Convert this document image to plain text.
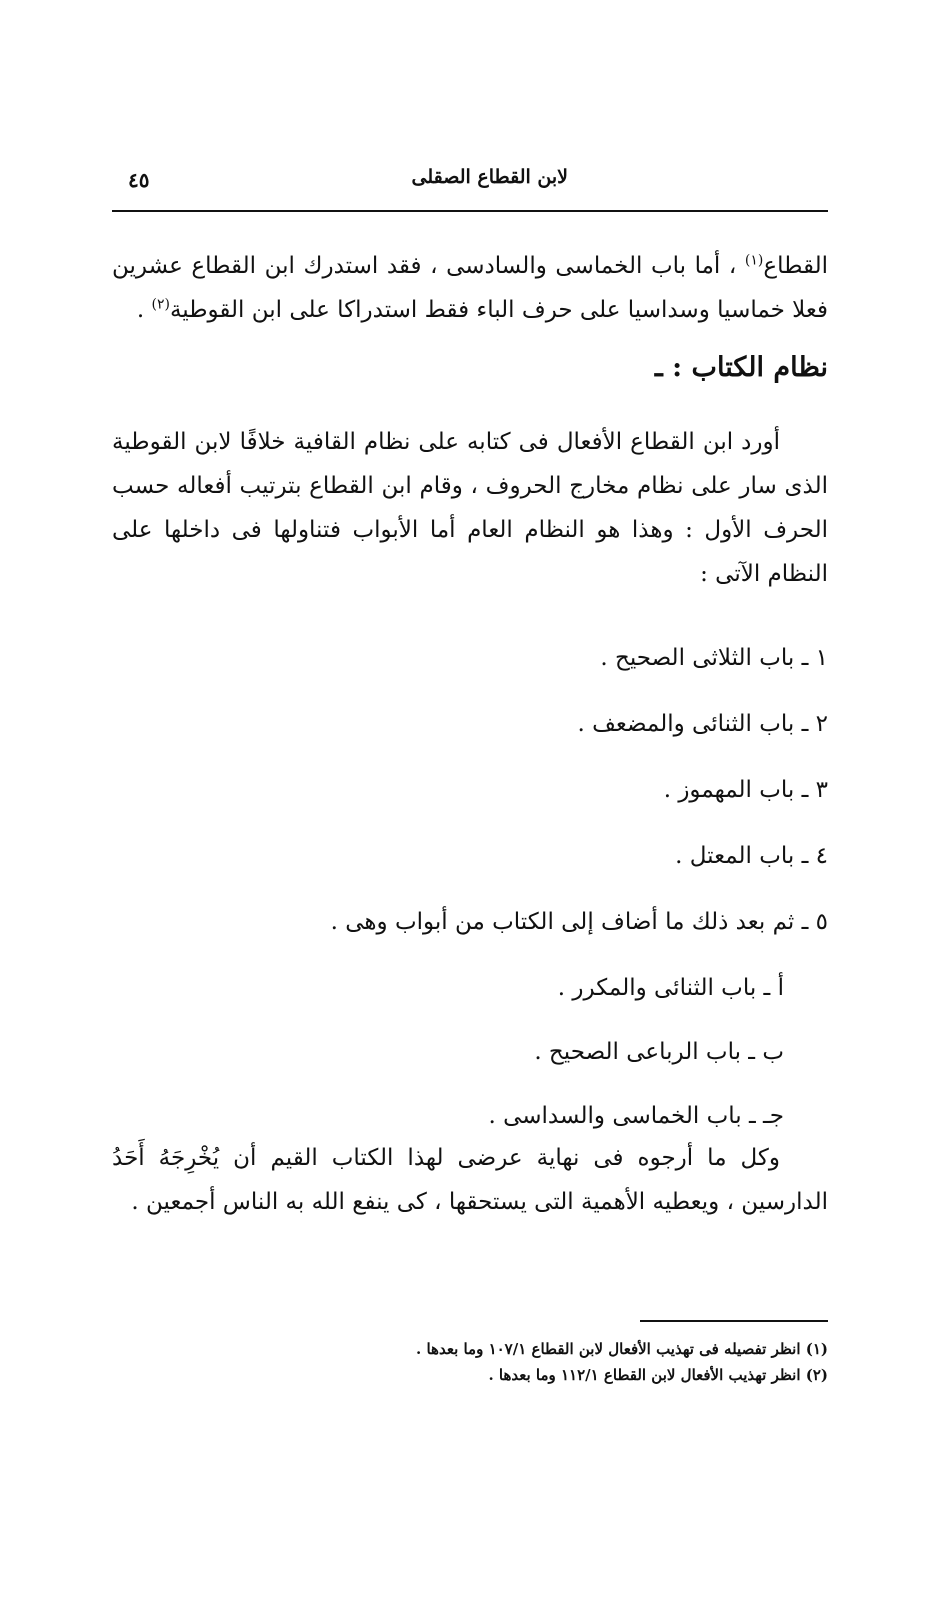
لابن القطاع الصقلى
٤٥

القطاع$^{(١)}$ ، أما باب الخماسى والسادسى ، فقد استدرك ابن القطاع عشرين فعلا خماسيا وسداسيا على حرف الباء فقط استدراكا على ابن القوطية$^{(٢)}$ .

نظام الكتاب : ـ

أورد ابن القطاع الأفعال فى كتابه على نظام القافية خلافًا لابن القوطية الذى سار على نظام مخارج الحروف ، وقام ابن القطاع بترتيب أفعاله حسب الحرف الأول : وهذا هو النظام العام أما الأبواب فتناولها فى داخلها على النظام الآتى :

١ ـ باب الثلاثى الصحيح .
٢ ـ باب الثنائى والمضعف .
٣ ـ باب المهموز .
٤ ـ باب المعتل .
٥ ـ ثم بعد ذلك ما أضاف إلى الكتاب من أبواب وهى .
أ ـ باب الثنائى والمكرر .
ب ـ باب الرباعى الصحيح .
جـ ـ باب الخماسى والسداسى .

وكل ما أرجوه فى نهاية عرضى لهذا الكتاب القيم أن يُخْرِجَهُ أَحَدُ الدارسين ، ويعطيه الأهمية التى يستحقها ، كى ينفع الله به الناس أجمعين .

(١) انظر تفصيله فى تهذيب الأفعال لابن القطاع ١٠٧/١ وما بعدها .
(٢) انظر تهذيب الأفعال لابن القطاع ١١٢/١ وما بعدها .
